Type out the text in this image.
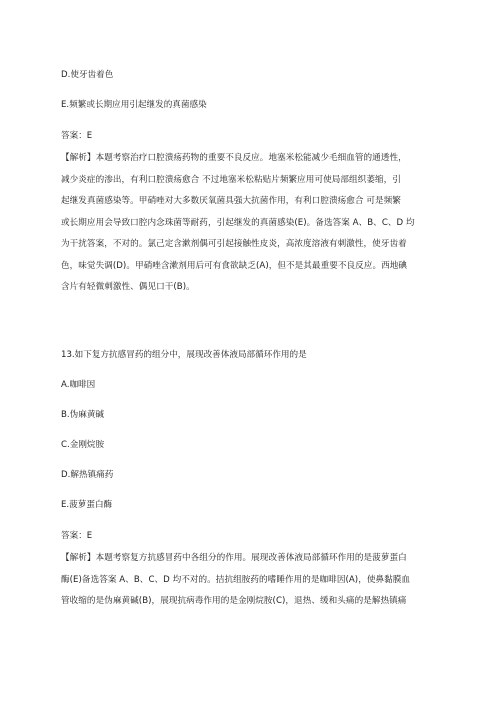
D.使牙齿着色
E.频繁或长期应用引起继发的真菌感染
答案：E
【解析】本题考察治疗口腔溃疡药物的重要不良反应。地塞米松能减少毛细血管的通透性，
减少炎症的渗出，有利口腔溃疡愈合 不过地塞米松粘贴片频繁应用可使局部组织萎缩，引
起继发真菌感染等。甲硝唑对大多数厌氧菌具强大抗菌作用，有利口腔溃疡愈合 可是频繁
或长期应用会导致口腔内念珠菌等耐药，引起继发的真菌感染(E)。备选答案 A、B、C、D 均
为干扰答案，不对的。氯己定含漱剂偶可引起接触性皮炎，高浓度溶液有刺激性，使牙齿着
色，味觉失调(D)。甲硝唑含漱剂用后可有食欲缺乏(A)，但不是其最重要不良反应。西地碘
含片有轻微刺激性、偶见口干(B)。
13.如下复方抗感冒药的组分中，展现改善体液局部循环作用的是
A.咖啡因
B.伪麻黄碱
C.金刚烷胺
D.解热镇痛药
E.菠萝蛋白酶
答案：E
【解析】本题考察复方抗感冒药中各组分的作用。展现改善体液局部循环作用的是菠萝蛋白
酶(E)备选答案 A、B、C、D 均不对的。拮抗组胺药的嗜睡作用的是咖啡因(A)，使鼻黏膜血
管收缩的是伪麻黄碱(B)，展现抗病毒作用的是金刚烷胺(C)，退热、缓和头痛的是解热镇痛
